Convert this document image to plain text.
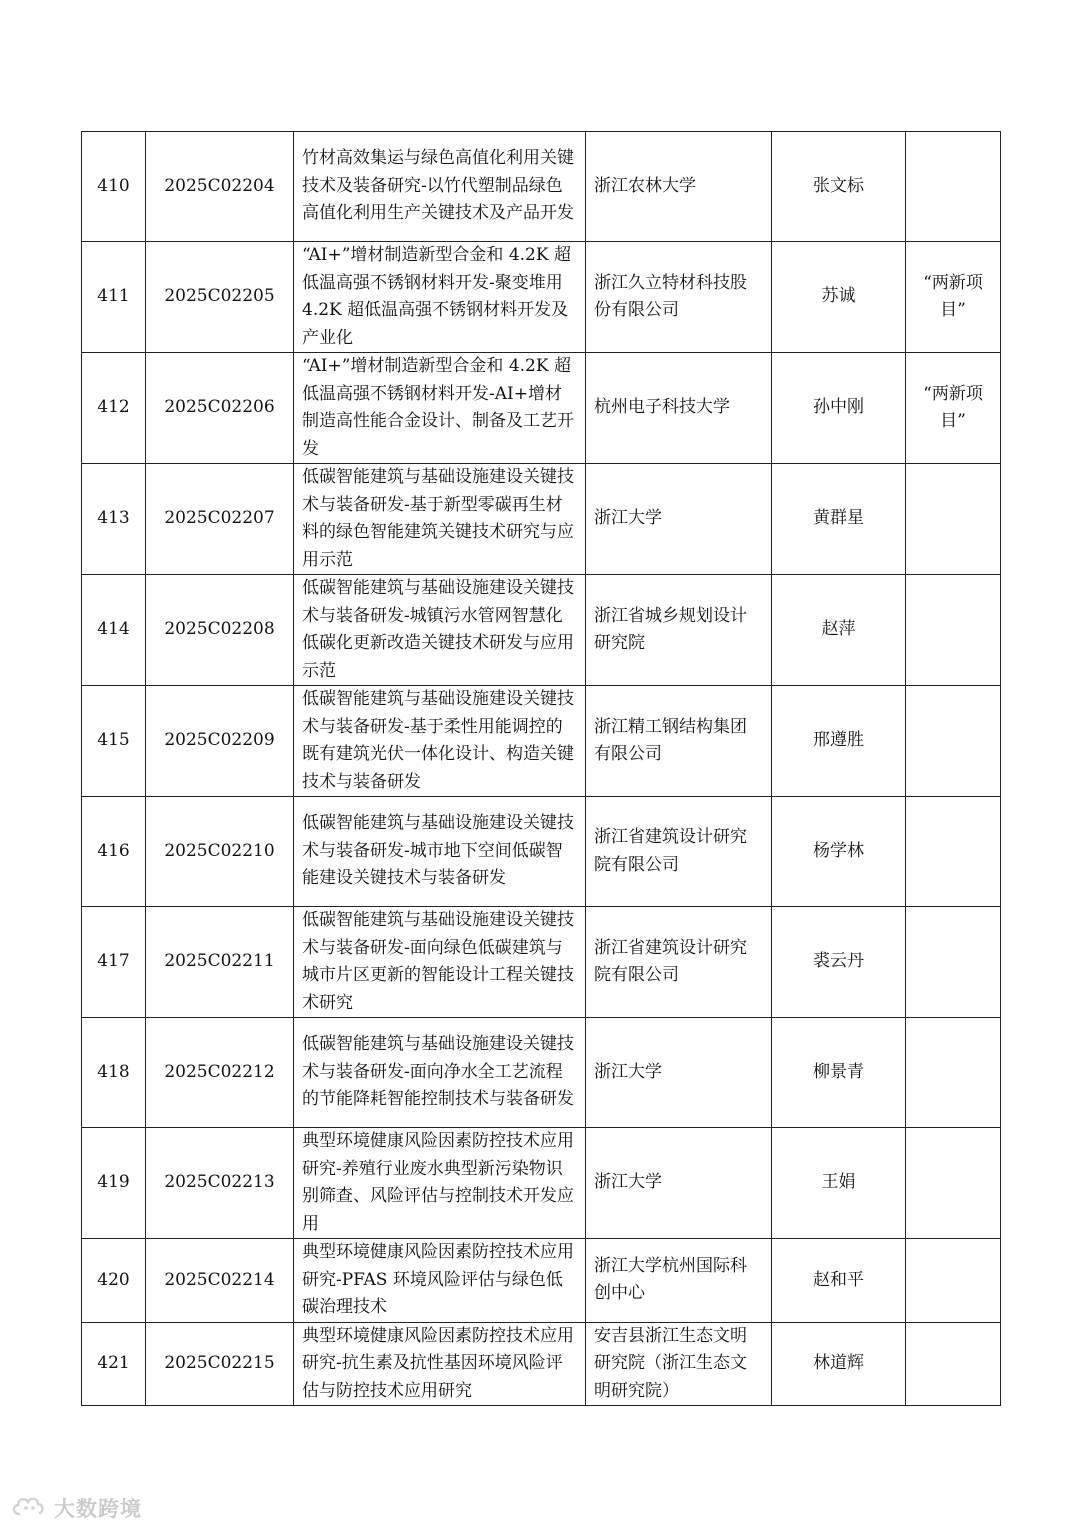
410	2025C02204	竹材高效集运与绿色高值化利用关键技术及装备研究-以竹代塑制品绿色高值化利用生产关键技术及产品开发	浙江农林大学	张文标	
411	2025C02205	“AI+”增材制造新型合金和 4.2K 超低温高强不锈钢材料开发-聚变堆用 4.2K 超低温高强不锈钢材料开发及产业化	浙江久立特材科技股份有限公司	苏诚	“两新项目”
412	2025C02206	“AI+”增材制造新型合金和 4.2K 超低温高强不锈钢材料开发-AI+增材制造高性能合金设计、制备及工艺开发	杭州电子科技大学	孙中刚	“两新项目”
413	2025C02207	低碳智能建筑与基础设施建设关键技术与装备研发-基于新型零碳再生材料的绿色智能建筑关键技术研究与应用示范	浙江大学	黄群星	
414	2025C02208	低碳智能建筑与基础设施建设关键技术与装备研发-城镇污水管网智慧化低碳化更新改造关键技术研发与应用示范	浙江省城乡规划设计研究院	赵萍	
415	2025C02209	低碳智能建筑与基础设施建设关键技术与装备研发-基于柔性用能调控的既有建筑光伏一体化设计、构造关键技术与装备研发	浙江精工钢结构集团有限公司	邢遵胜	
416	2025C02210	低碳智能建筑与基础设施建设关键技术与装备研发-城市地下空间低碳智能建设关键技术与装备研发	浙江省建筑设计研究院有限公司	杨学林	
417	2025C02211	低碳智能建筑与基础设施建设关键技术与装备研发-面向绿色低碳建筑与城市片区更新的智能设计工程关键技术研究	浙江省建筑设计研究院有限公司	裘云丹	
418	2025C02212	低碳智能建筑与基础设施建设关键技术与装备研发-面向净水全工艺流程的节能降耗智能控制技术与装备研发	浙江大学	柳景青	
419	2025C02213	典型环境健康风险因素防控技术应用研究-养殖行业废水典型新污染物识别筛查、风险评估与控制技术开发应用	浙江大学	王娟	
420	2025C02214	典型环境健康风险因素防控技术应用研究-PFAS 环境风险评估与绿色低碳治理技术	浙江大学杭州国际科创中心	赵和平	
421	2025C02215	典型环境健康风险因素防控技术应用研究-抗生素及抗性基因环境风险评估与防控技术应用研究	安吉县浙江生态文明研究院（浙江生态文明研究院）	林道辉	
大数跨境
